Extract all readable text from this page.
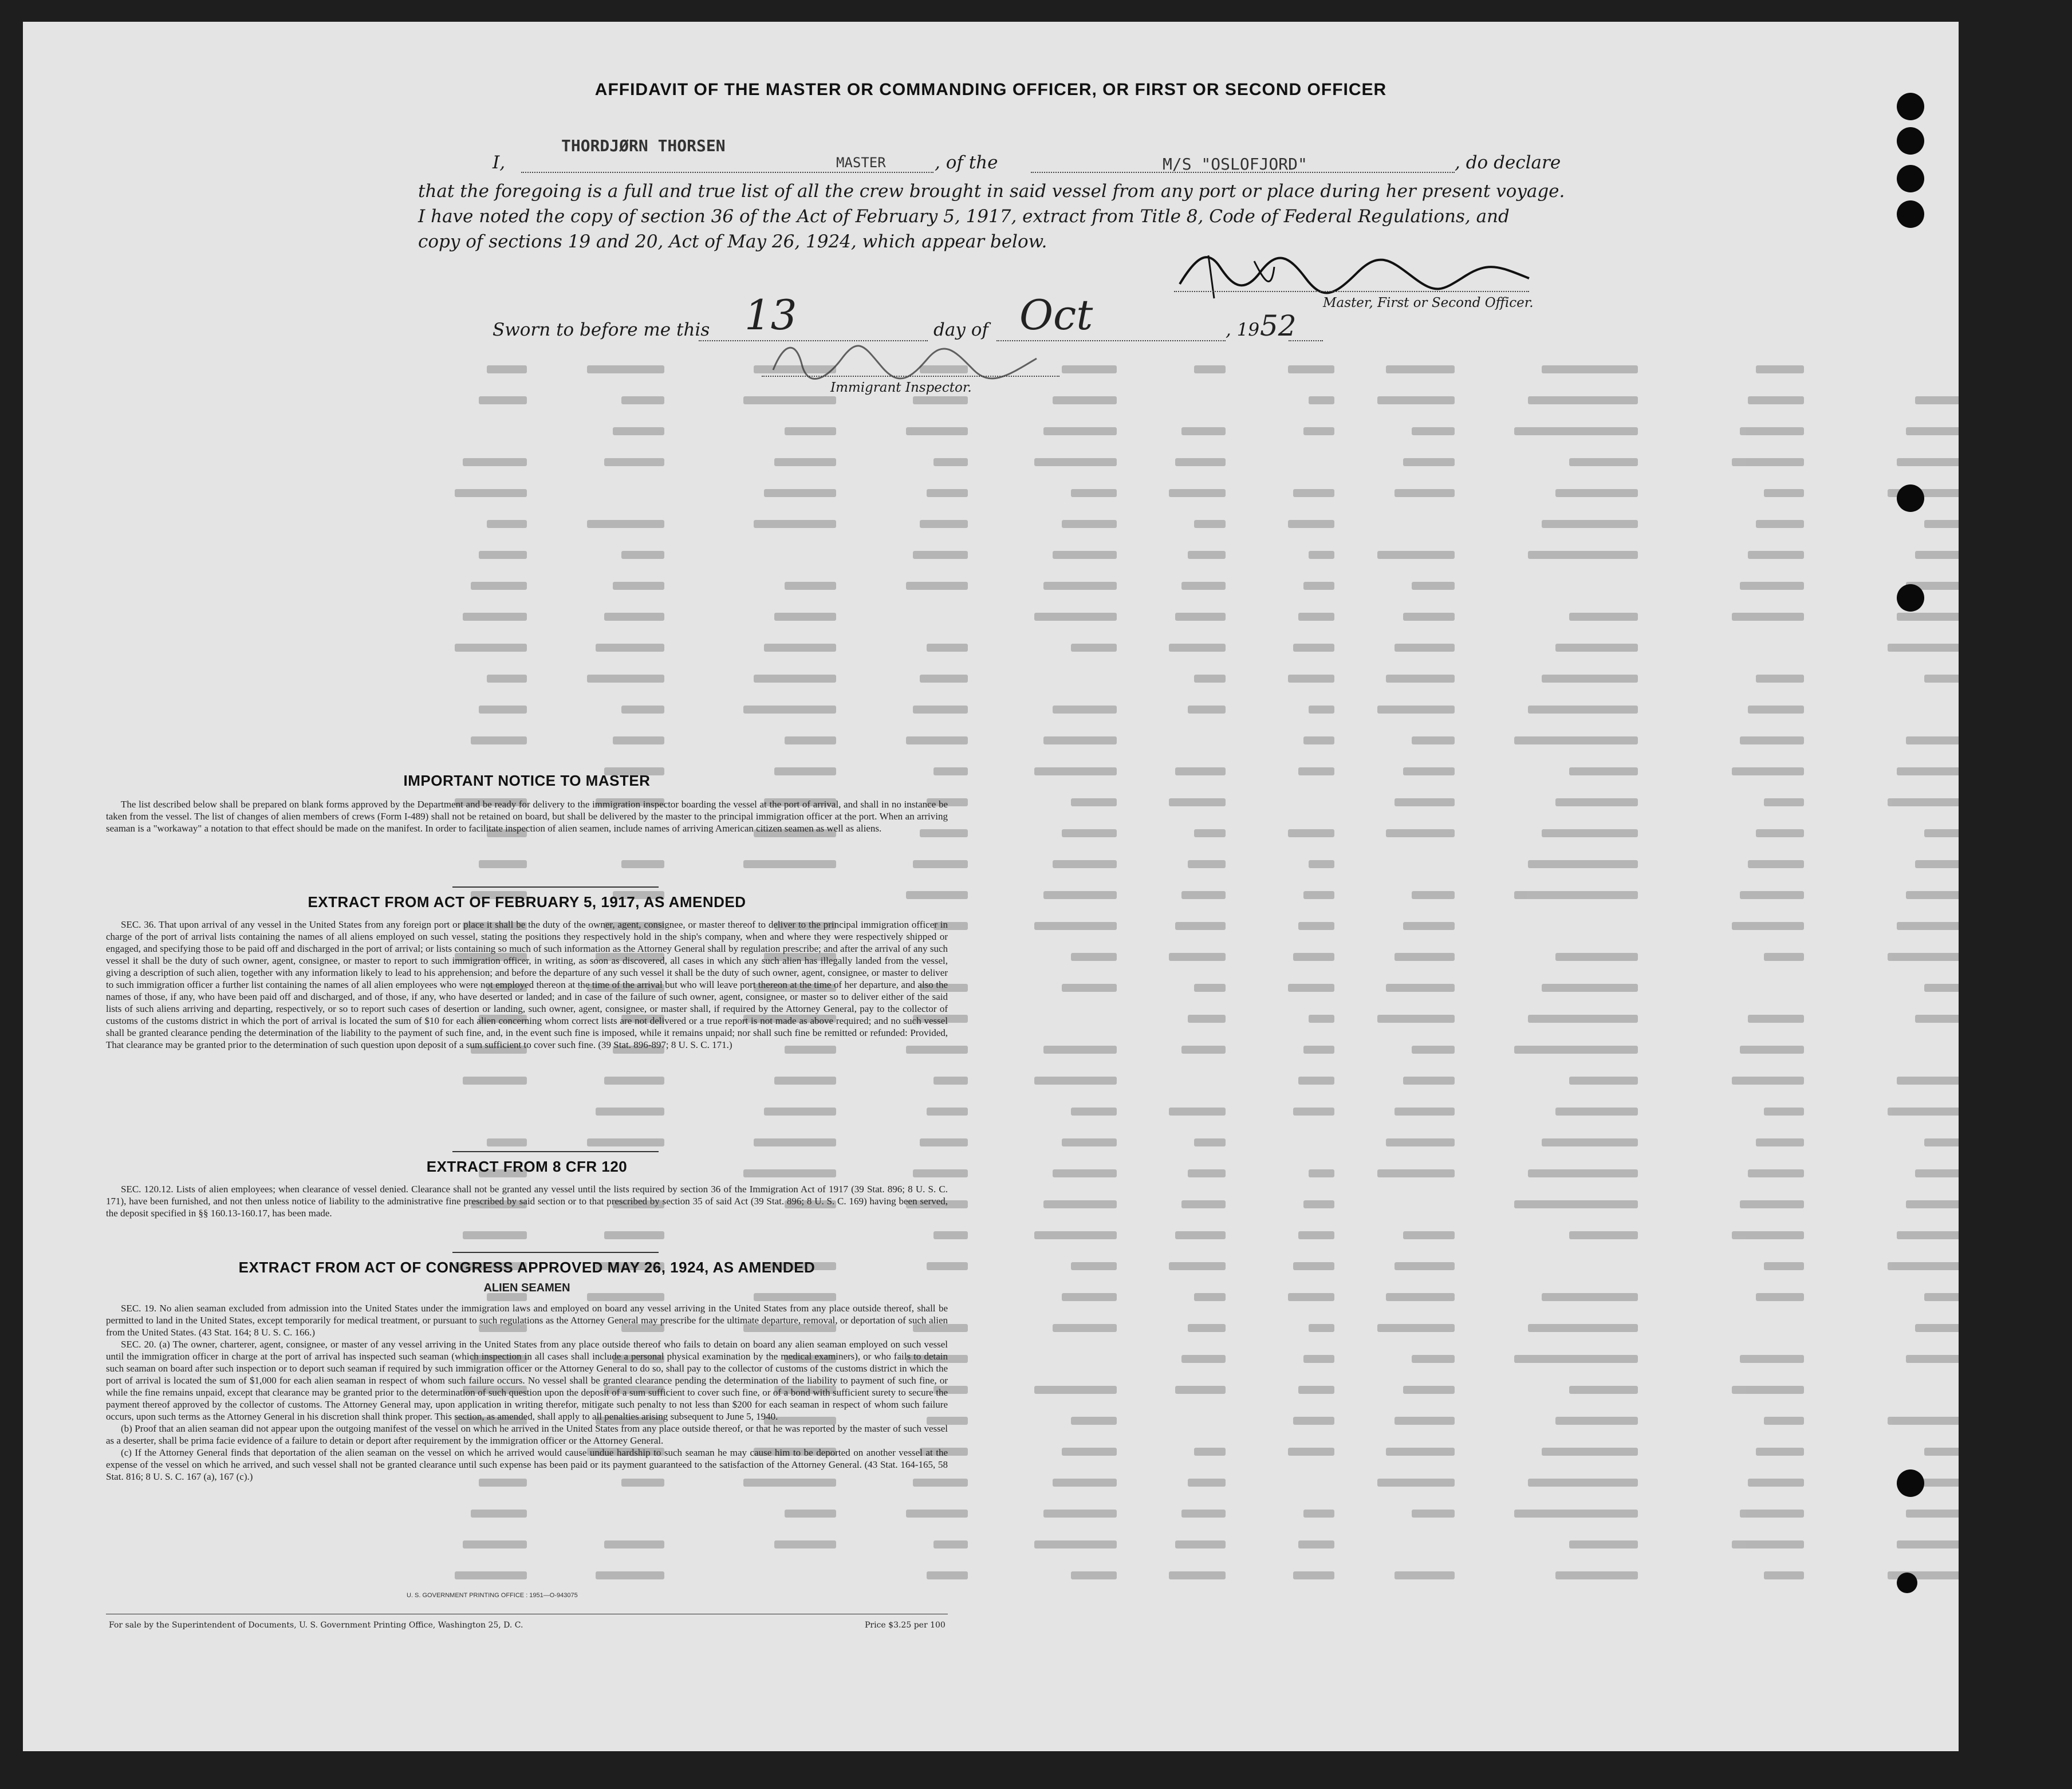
AFFIDAVIT OF THE MASTER OR COMMANDING OFFICER, OR FIRST OR SECOND OFFICER
I,
THORDJØRN THORSEN
MASTER	, of the	M/S "OSLOFJORD"	, do declare
that the foregoing is a full and true list of all the crew brought in said vessel from any port or place during her present voyage.
I have noted the copy of section 36 of the Act of February 5, 1917, extract from Title 8, Code of Federal Regulations, and
copy of sections 19 and 20, Act of May 26, 1924, which appear below.
Master, First or Second Officer.
Sworn to before me this 13	day of Oct	, 19 52
Immigrant Inspector.
IMPORTANT NOTICE TO MASTER

The list described below shall be prepared on blank forms approved by the Department and be ready for delivery to the immigration inspector boarding the vessel at the port of arrival, and shall in no instance be taken from the vessel. The list of changes of alien members of crews (Form I-489) shall not be retained on board, but shall be delivered by the master to the principal immigration officer at the port. When an arriving seaman is a "workaway" a notation to that effect should be made on the manifest. In order to facilitate inspection of alien seamen, include names of arriving American citizen seamen as well as aliens.

EXTRACT FROM ACT OF FEBRUARY 5, 1917, AS AMENDED

SEC. 36. That upon arrival of any vessel in the United States from any foreign port or place it shall be the duty of the owner, agent, consignee, or master thereof to deliver to the principal immigration officer in charge of the port of arrival lists containing the names of all aliens employed on such vessel, stating the positions they respectively hold in the ship's company, when and where they were respectively shipped or engaged, and specifying those to be paid off and discharged in the port of arrival; or lists containing so much of such information as the Attorney General shall by regulation prescribe; and after the arrival of any such vessel it shall be the duty of such owner, agent, consignee, or master to report to such immigration officer, in writing, as soon as discovered, all cases in which any such alien has illegally landed from the vessel, giving a description of such alien, together with any information likely to lead to his apprehension; and before the departure of any such vessel it shall be the duty of such owner, agent, consignee, or master to deliver to such immigration officer a further list containing the names of all alien employees who were not employed thereon at the time of the arrival but who will leave port thereon at the time of her departure, and also the names of those, if any, who have been paid off and discharged, and of those, if any, who have deserted or landed; and in case of the failure of such owner, agent, consignee, or master so to deliver either of the said lists of such aliens arriving and departing, respectively, or so to report such cases of desertion or landing, such owner, agent, consignee, or master shall, if required by the Attorney General, pay to the collector of customs of the customs district in which the port of arrival is located the sum of $10 for each alien concerning whom correct lists are not delivered or a true report is not made as above required; and no such vessel shall be granted clearance pending the determination of the liability to the payment of such fine, and, in the event such fine is imposed, while it remains unpaid; nor shall such fine be remitted or refunded: Provided, That clearance may be granted prior to the determination of such question upon deposit of a sum sufficient to cover such fine. (39 Stat. 896-897; 8 U. S. C. 171.)

EXTRACT FROM 8 CFR 120

SEC. 120.12. Lists of alien employees; when clearance of vessel denied. Clearance shall not be granted any vessel until the lists required by section 36 of the Immigration Act of 1917 (39 Stat. 896; 8 U. S. C. 171), have been furnished, and not then unless notice of liability to the administrative fine prescribed by said section or to that prescribed by section 35 of said Act (39 Stat. 896; 8 U. S. C. 169) having been served, the deposit specified in §§ 160.13-160.17, has been made.

EXTRACT FROM ACT OF CONGRESS APPROVED MAY 26, 1924, AS AMENDED
ALIEN SEAMEN

SEC. 19. No alien seaman excluded from admission into the United States under the immigration laws and employed on board any vessel arriving in the United States from any place outside thereof, shall be permitted to land in the United States, except temporarily for medical treatment, or pursuant to such regulations as the Attorney General may prescribe for the ultimate departure, removal, or deportation of such alien from the United States. (43 Stat. 164; 8 U. S. C. 166.)

SEC. 20. (a) The owner, charterer, agent, consignee, or master of any vessel arriving in the United States from any place outside thereof who fails to detain on board any alien seaman employed on such vessel until the immigration officer in charge at the port of arrival has inspected such seaman (which inspection in all cases shall include a personal physical examination by the medical examiners), or who fails to detain such seaman on board after such inspection or to deport such seaman if required by such immigration officer or the Attorney General to do so, shall pay to the collector of customs of the customs district in which the port of arrival is located the sum of $1,000 for each alien seaman in respect of whom such failure occurs. No vessel shall be granted clearance pending the determination of the liability to payment of such fine, or while the fine remains unpaid, except that clearance may be granted prior to the determination of such question upon the deposit of a sum sufficient to cover such fine, or of a bond with sufficient surety to secure the payment thereof approved by the collector of customs. The Attorney General may, upon application in writing therefor, mitigate such penalty to not less than $200 for each seaman in respect of whom such failure occurs, upon such terms as the Attorney General in his discretion shall think proper. This section, as amended, shall apply to all penalties arising subsequent to June 5, 1940.

(b) Proof that an alien seaman did not appear upon the outgoing manifest of the vessel on which he arrived in the United States from any place outside thereof, or that he was reported by the master of such vessel as a deserter, shall be prima facie evidence of a failure to detain or deport after requirement by the immigration officer or the Attorney General.

(c) If the Attorney General finds that deportation of the alien seaman on the vessel on which he arrived would cause undue hardship to such seaman he may cause him to be deported on another vessel at the expense of the vessel on which he arrived, and such vessel shall not be granted clearance until such expense has been paid or its payment guaranteed to the satisfaction of the Attorney General. (43 Stat. 164-165, 58 Stat. 816; 8 U. S. C. 167 (a), 167 (c).)

U. S. GOVERNMENT PRINTING OFFICE : 1951—O-943075
For sale by the Superintendent of Documents, U. S. Government Printing Office, Washington 25, D. C.	Price $3.25 per 100
